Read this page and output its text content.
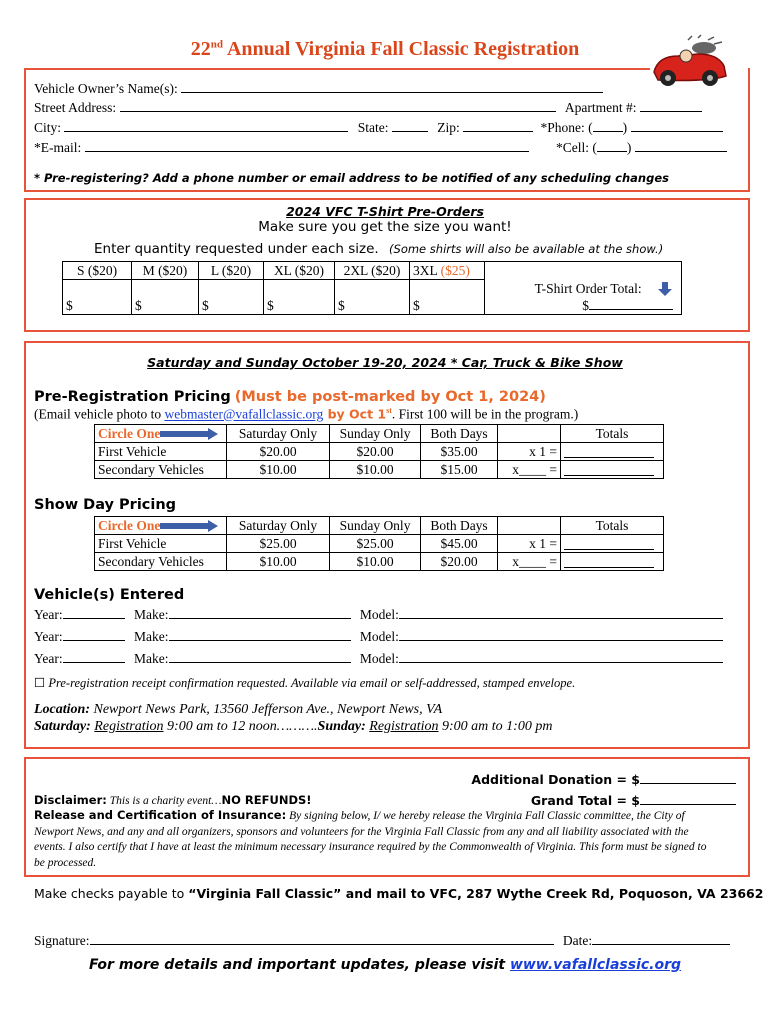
22nd Annual Virginia Fall Classic Registration
Vehicle Owner’s Name(s):
Street Address:	Apartment #:
City:	State:	Zip:	*Phone: ( )
*E-mail:	*Cell: ( )
* Pre-registering? Add a phone number or email address to be notified of any scheduling changes
2024 VFC T-Shirt Pre-Orders
Make sure you get the size you want!
Enter quantity requested under each size. (Some shirts will also be available at the show.)
S ($20)	M ($20)	L ($20)	XL ($20)	2XL ($20)	3XL ($25)	
$	$	$	$	$	$	T-Shirt Order Total:
$
Saturday and Sunday October 19-20, 2024 * Car, Truck & Bike Show
Pre-Registration Pricing (Must be post-marked by Oct 1, 2024)
(Email vehicle photo to webmaster@vafallclassic.org by Oct 1st. First 100 will be in the program.)
Circle One	Saturday Only	Sunday Only	Both Days		Totals
First Vehicle	$20.00	$20.00	$35.00	x 1 =	

Secondary Vehicles	$10.00	$10.00	$15.00	x____ =	
Show Day Pricing
Circle One	Saturday Only	Sunday Only	Both Days		Totals
First Vehicle	$25.00	$25.00	$45.00	x 1 =	

Secondary Vehicles	$10.00	$10.00	$20.00	x____ =	
Vehicle(s) Entered
Year:	Make:	Model:
Year:	Make:	Model:
Year:	Make:	Model:
☐ Pre-registration receipt confirmation requested. Available via email or self-addressed, stamped envelope.
Location: Newport News Park, 13560 Jefferson Ave., Newport News, VA
Saturday: Registration 9:00 am to 12 noon……….Sunday: Registration 9:00 am to 1:00 pm
Additional Donation = $
Grand Total = $
Disclaimer: This is a charity event…NO REFUNDS!
Release and Certification of Insurance: By signing below, I/ we hereby release the Virginia Fall Classic committee, the City of Newport News, and any and all organizers, sponsors and volunteers for the Virginia Fall Classic from any and all liability associated with the events. I also certify that I have at least the minimum necessary insurance required by the Commonwealth of Virginia. This form must be signed to be processed.
Make checks payable to “Virginia Fall Classic” and mail to VFC, 287 Wythe Creek Rd, Poquoson, VA 23662
Signature:	Date:
For more details and important updates, please visit www.vafallclassic.org
